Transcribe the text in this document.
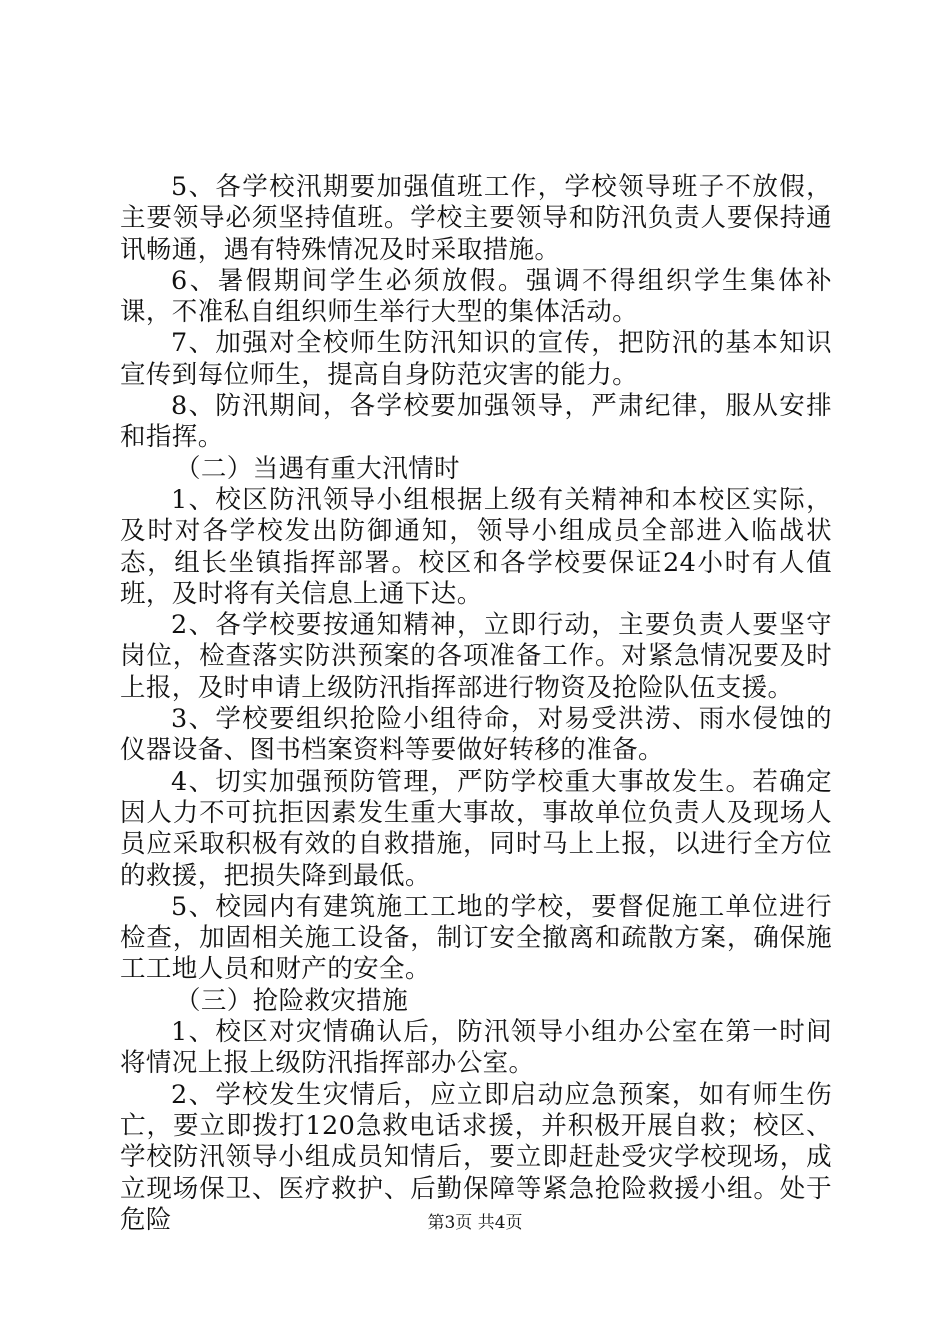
5、各学校汛期要加强值班工作，学校领导班子不放假，主要领导必须坚持值班。学校主要领导和防汛负责人要保持通讯畅通，遇有特殊情况及时采取措施。

6、暑假期间学生必须放假。强调不得组织学生集体补课，不准私自组织师生举行大型的集体活动。

7、加强对全校师生防汛知识的宣传，把防汛的基本知识宣传到每位师生，提高自身防范灾害的能力。

8、防汛期间，各学校要加强领导，严肃纪律，服从安排和指挥。

（二）当遇有重大汛情时

1、校区防汛领导小组根据上级有关精神和本校区实际，及时对各学校发出防御通知，领导小组成员全部进入临战状态，组长坐镇指挥部署。校区和各学校要保证24小时有人值班，及时将有关信息上通下达。

2、各学校要按通知精神，立即行动，主要负责人要坚守岗位，检查落实防洪预案的各项准备工作。对紧急情况要及时上报，及时申请上级防汛指挥部进行物资及抢险队伍支援。

3、学校要组织抢险小组待命，对易受洪涝、雨水侵蚀的仪器设备、图书档案资料等要做好转移的准备。

4、切实加强预防管理，严防学校重大事故发生。若确定因人力不可抗拒因素发生重大事故，事故单位负责人及现场人员应采取积极有效的自救措施，同时马上上报，以进行全方位的救援，把损失降到最低。

5、校园内有建筑施工工地的学校，要督促施工单位进行检查，加固相关施工设备，制订安全撤离和疏散方案，确保施工工地人员和财产的安全。

（三）抢险救灾措施

1、校区对灾情确认后，防汛领导小组办公室在第一时间将情况上报上级防汛指挥部办公室。

2、学校发生灾情后，应立即启动应急预案，如有师生伤亡，要立即拨打120急救电话求援，并积极开展自救；校区、学校防汛领导小组成员知情后，要立即赶赴受灾学校现场，成立现场保卫、医疗救护、后勤保障等紧急抢险救援小组。处于危险	第3页 共4页
